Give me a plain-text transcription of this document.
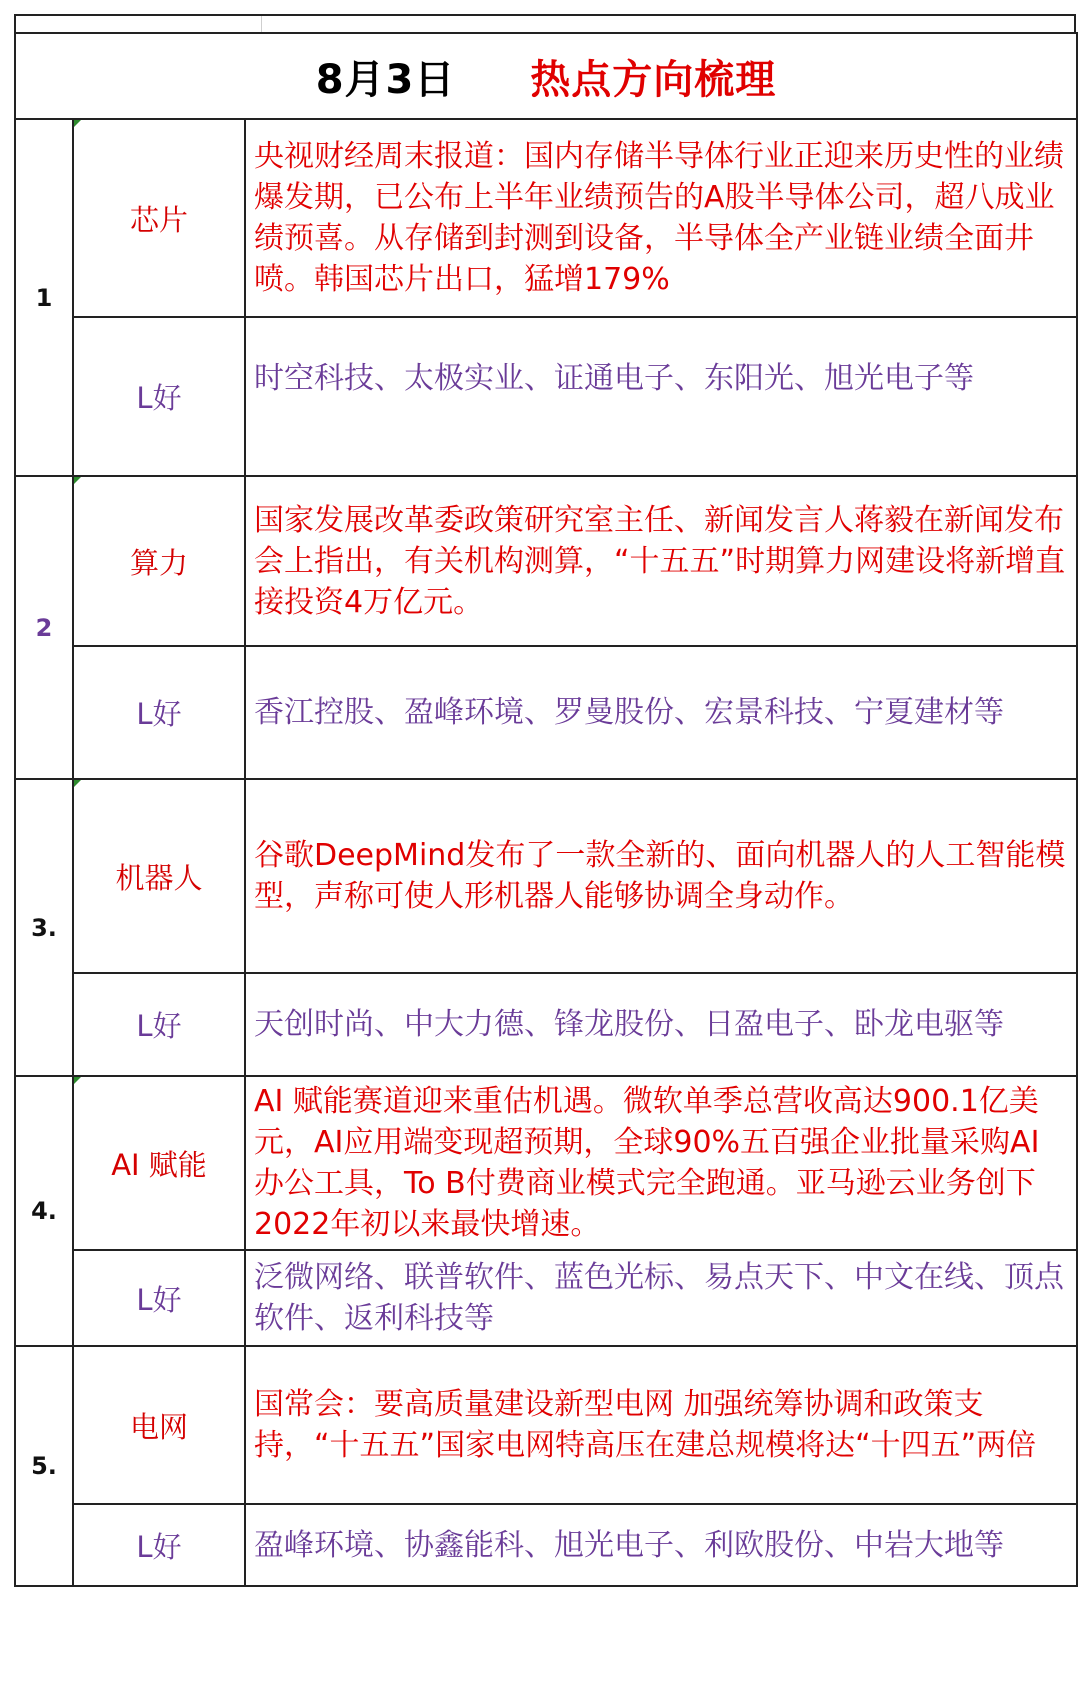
8月3日 热点方向梳理		
1	芯片	央视财经周末报道：国内存储半导体行业正迎来历史性的业绩爆发期，已公布上半年业绩预告的A股半导体公司，超八成业绩预喜。从存储到封测到设备，半导体全产业链业绩全面井喷。韩国芯片出口，猛增179%
	L好	时空科技、太极实业、证通电子、东阳光、旭光电子等
2	算力	国家发展改革委政策研究室主任、新闻发言人蒋毅在新闻发布会上指出，有关机构测算，“十五五”时期算力网建设将新增直接投资4万亿元。
	L好	香江控股、盈峰环境、罗曼股份、宏景科技、宁夏建材等
3.	机器人	谷歌DeepMind发布了一款全新的、面向机器人的人工智能模型，声称可使人形机器人能够协调全身动作。
	L好	天创时尚、中大力德、锋龙股份、日盈电子、卧龙电驱等
4.	AI 赋能	AI 赋能赛道迎来重估机遇。微软单季总营收高达900.1亿美元，AI应用端变现超预期，全球90%五百强企业批量采购AI办公工具，To B付费商业模式完全跑通。亚马逊云业务创下2022年初以来最快增速。
	L好	泛微网络、联普软件、蓝色光标、易点天下、中文在线、顶点软件、返利科技等
5.	电网	国常会：要高质量建设新型电网 加强统筹协调和政策支持，“十五五”国家电网特高压在建总规模将达“十四五”两倍
	L好	盈峰环境、协鑫能科、旭光电子、利欧股份、中岩大地等
